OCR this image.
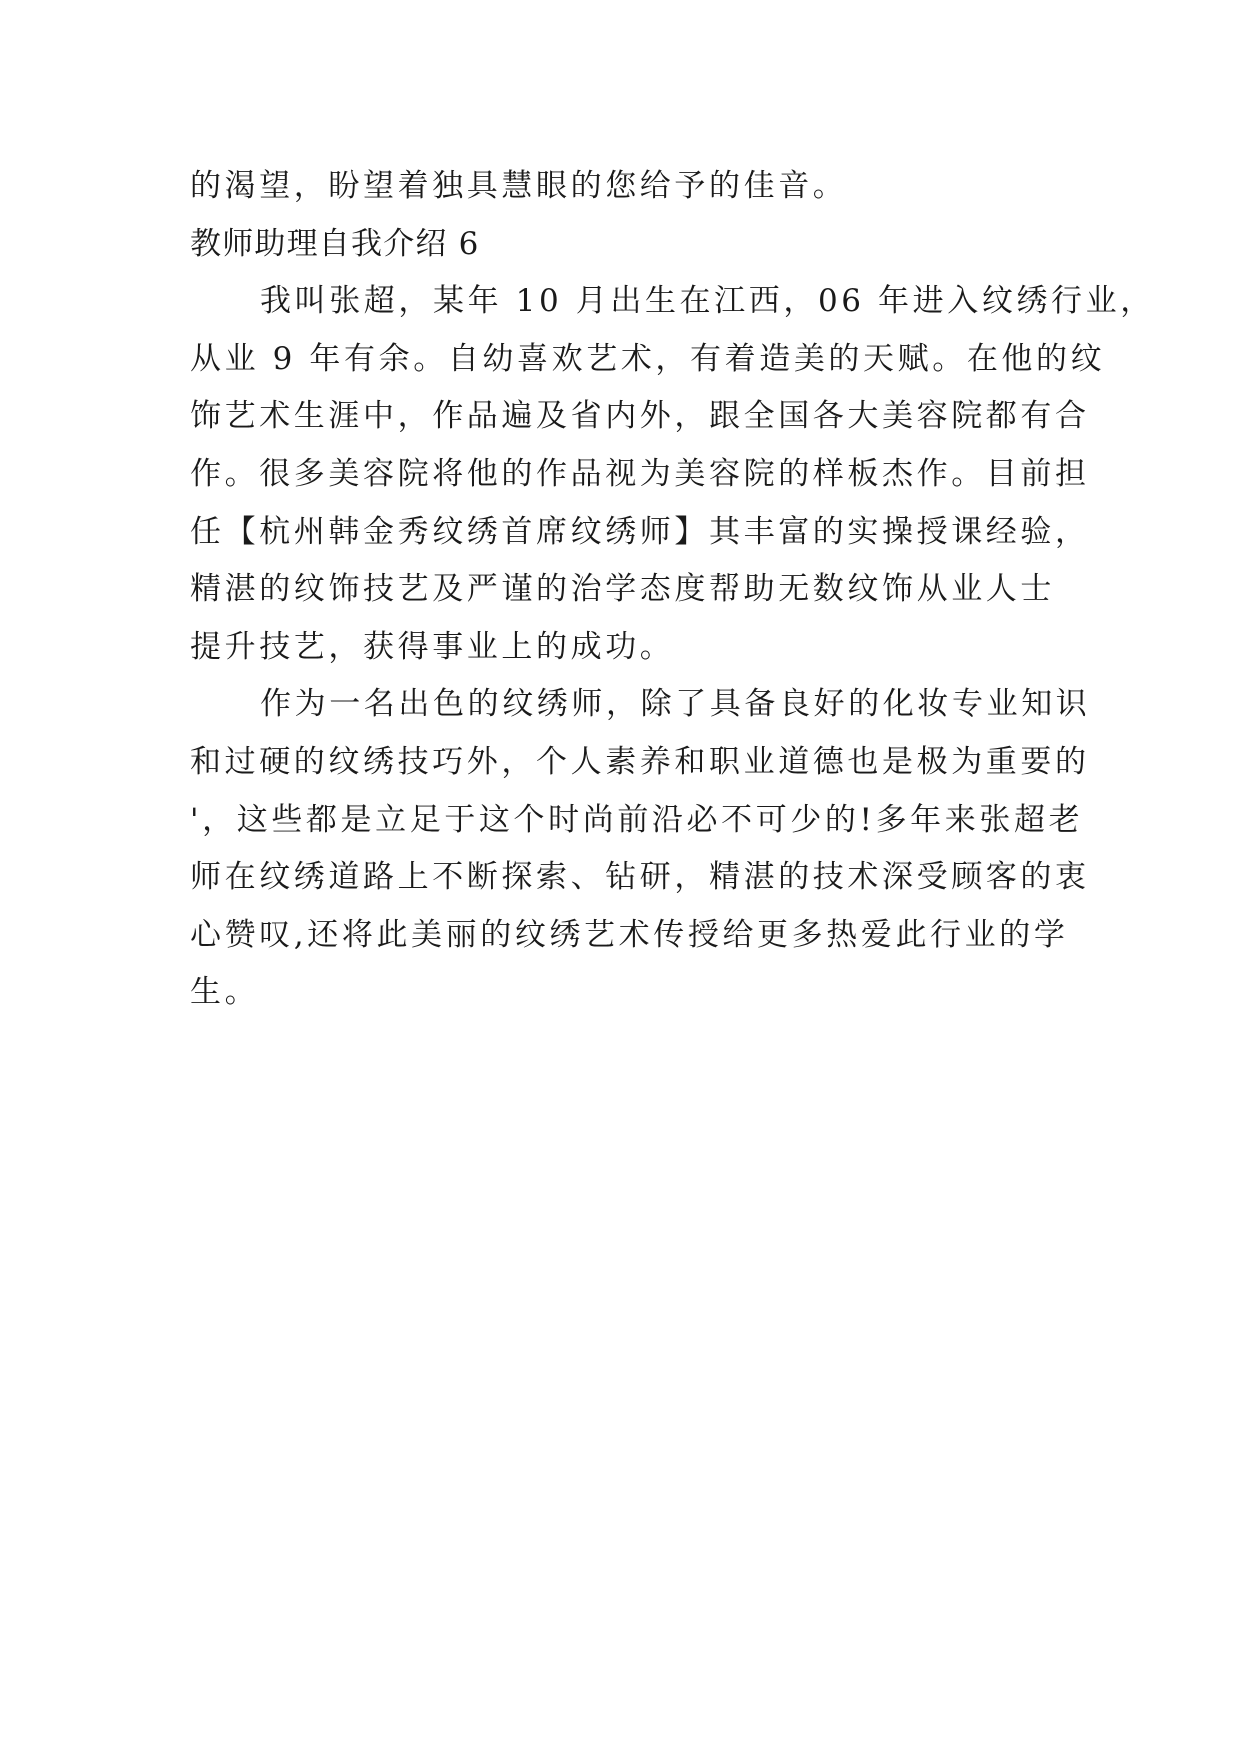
的渴望，盼望着独具慧眼的您给予的佳音。
教师助理自我介绍 6
我叫张超，某年 10 月出生在江西，06 年进入纹绣行业，
从业 9 年有余。自幼喜欢艺术，有着造美的天赋。在他的纹
饰艺术生涯中，作品遍及省内外，跟全国各大美容院都有合
作。很多美容院将他的作品视为美容院的样板杰作。目前担
任【杭州韩金秀纹绣首席纹绣师】其丰富的实操授课经验，
精湛的纹饰技艺及严谨的治学态度帮助无数纹饰从业人士
提升技艺，获得事业上的成功。
作为一名出色的纹绣师，除了具备良好的化妆专业知识
和过硬的纹绣技巧外，个人素养和职业道德也是极为重要的
'，这些都是立足于这个时尚前沿必不可少的!多年来张超老
师在纹绣道路上不断探索、钻研，精湛的技术深受顾客的衷
心赞叹,还将此美丽的纹绣艺术传授给更多热爱此行业的学
生。
